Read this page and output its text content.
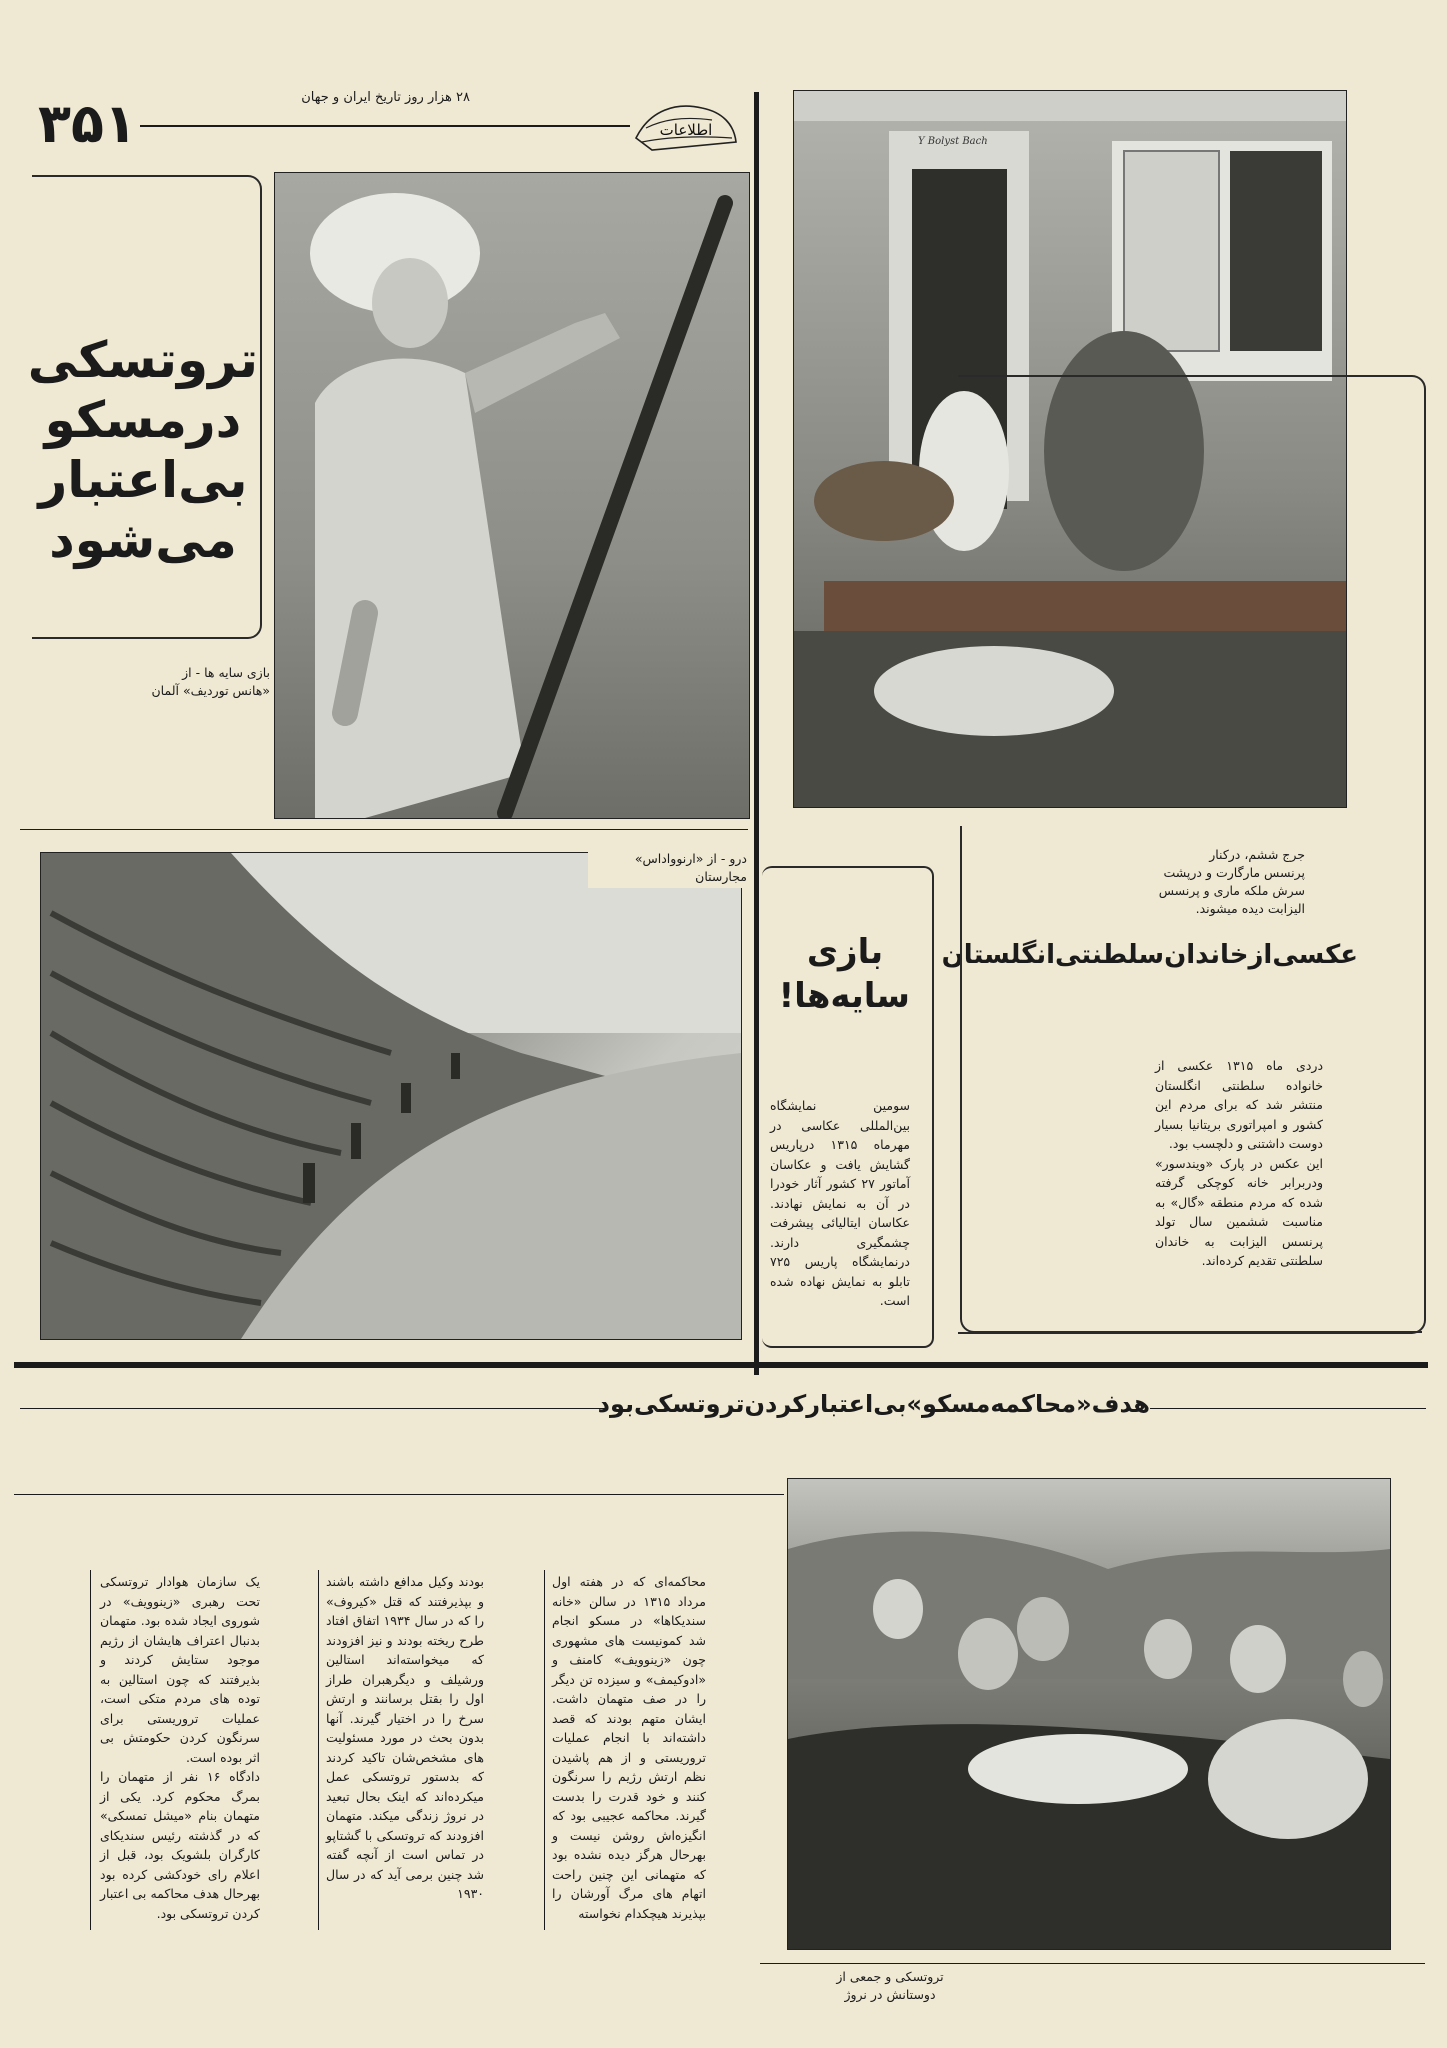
۳۵۱	۲۸ هزار روز تاریخ ایران و جهان
اطلاعات
تروتسکی
درمسکو
بی‌اعتبار
می‌شود
بازی سایه ها - از
«هانس توردیف» آلمان
Y Bolyst Bach
جرج ششم، درکنار
پرنسس مارگارت و درپشت
سرش ملکه ماری و پرنسس
الیزابت دیده میشوند.
عکسی‌ازخاندان‌سلطنتی‌انگلستان
دردی ماه ۱۳۱۵ عکسی از خانواده سلطنتی انگلستان منتشر شد که برای مردم این کشور و امپراتوری بریتانیا بسیار دوست داشتنی و دلچسب بود.
این عکس در پارک «ویندسور» ودربرابر خانه کوچکی گرفته شده که مردم منطقه «گال» به مناسبت ششمین سال تولد پرنسس الیزابت به خاندان سلطنتی تقدیم کرده‌اند.
درو - از «ارنوواداس»
مجارستان
بازی
سایه‌ها!
سومین نمایشگاه بین‌المللی عکاسی در مهرماه ۱۳۱۵ درپاریس گشایش یافت و عکاسان آماتور ۲۷ کشور آثار خودرا در آن به نمایش نهادند. عکاسان ایتالیائی پیشرفت چشمگیری دارند. درنمایشگاه پاریس ۷۲۵ تابلو به نمایش نهاده شده است.
هدف«محاکمه‌مسکو»بی‌اعتبارکردن‌تروتسکی‌بود
یک سازمان هوادار تروتسکی تحت رهبری «زینوویف» در شوروی ایجاد شده بود. متهمان بدنبال اعتراف هایشان از رژیم موجود ستایش کردند و بذیرفتند که چون استالین به توده های مردم متکی است، عملیات تروریستی برای سرنگون کردن حکومتش بی اثر بوده است.
دادگاه ۱۶ نفر از متهمان را بمرگ محکوم کرد. یکی از متهمان بنام «میشل تمسکی» که در گذشته رئیس سندیکای کارگران بلشویک بود، قبل از اعلام رای خودکشی کرده بود بهرحال هدف محاکمه بی اعتبار کردن تروتسکی بود.
بودند وکیل مدافع داشته باشند و بپذیرفتند که قتل «کیروف» را که در سال ۱۹۳۴ اتفاق افتاد طرح ریخته بودند و نیز افزودند که میخواسته‌اند استالین ورشیلف و دیگرهبران طراز اول را بقتل برسانند و ارتش سرخ را در اختیار گیرند. آنها بدون بحث در مورد مسئولیت های مشخص‌شان تاکید کردند که بدستور تروتسکی عمل میکرده‌اند که اینک بحال تبعید در نروژ زندگی میکند. متهمان افزودند که تروتسکی با گشتاپو در تماس است از آنچه گفته شد چنین برمی آید که در سال ۱۹۳۰
محاکمه‌ای که در هفته اول مرداد ۱۳۱۵ در سالن «خانه سندیکاها» در مسکو انجام شد کمونیست های مشهوری چون «زینوویف» کامنف و «ادوکیمف» و سیزده تن دیگر را در صف متهمان داشت. ایشان متهم بودند که قصد داشته‌اند با انجام عملیات تروریستی و از هم پاشیدن نظم ارتش رژیم را سرنگون کنند و خود قدرت را بدست گیرند. محاکمه عجیبی بود که انگیزه‌اش روشن نیست و بهرحال هرگز دیده نشده بود که متهمانی این چنین راحت اتهام های مرگ آورشان را بپذیرند هیچکدام نخواسته
تروتسکی و جمعی از
دوستانش در نروژ
